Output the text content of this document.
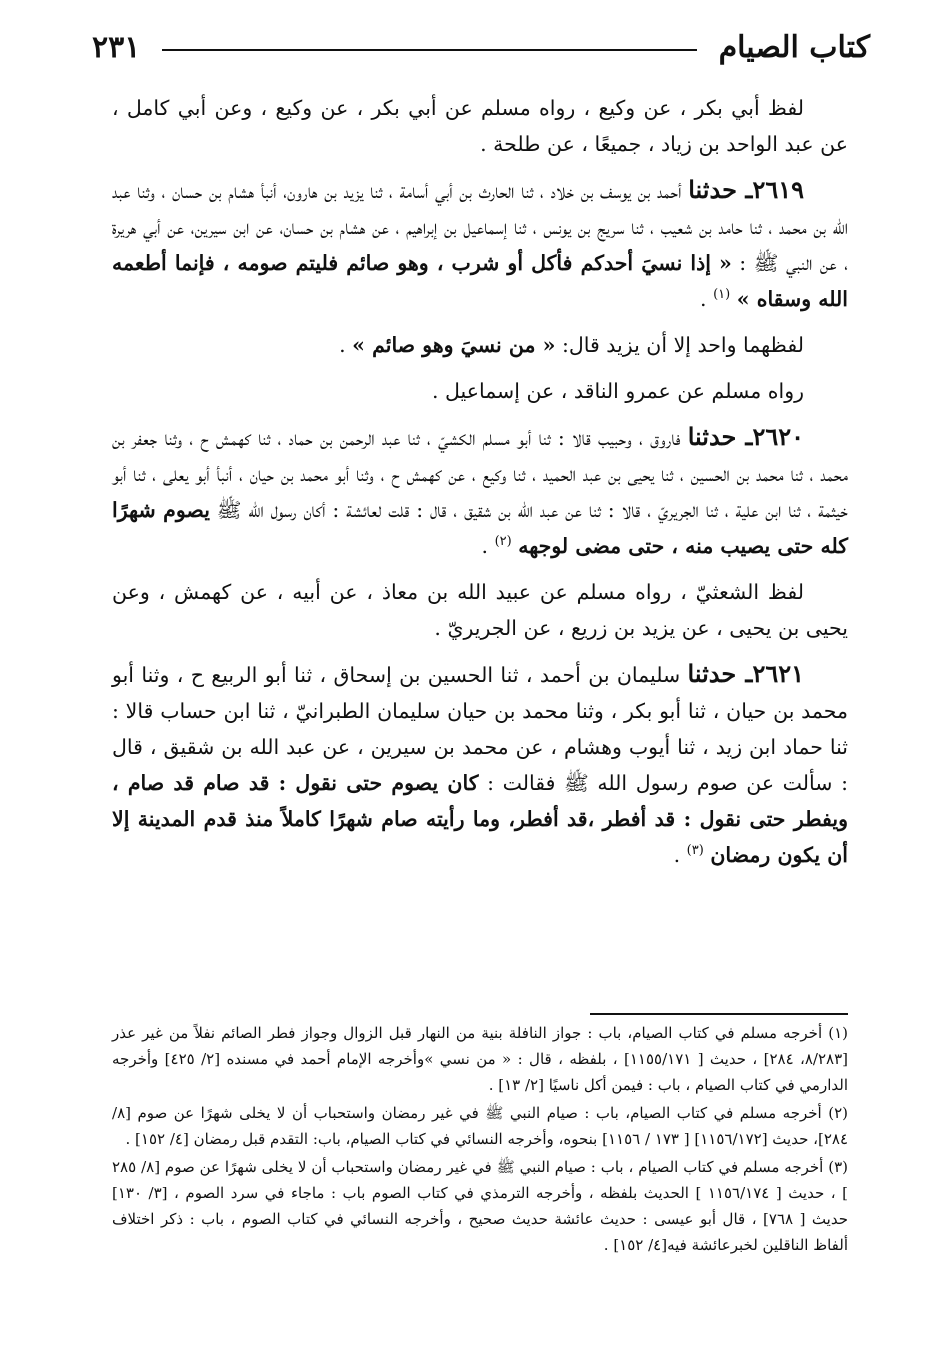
كتاب الصيام
٢٣١

لفظ أبي بكر ، عن وكيع ، رواه مسلم عن أبي بكر ، عن وكيع ، وعن أبي كامل ، عن عبد الواحد بن زياد ، جميعًا ، عن طلحة .

٢٦١٩ـ حدثنا أحمد بن يوسف بن خلاد ، ثنا الحارث بن أبي أسامة ، ثنا يزيد بن هارون، أنبأ هشام بن حسان ، وثنا عبد الله بن محمد ، ثنا حامد بن شعيب ، ثنا سريج بن يونس ، ثنا إسماعيل بن إبراهيم ، عن هشام بن حسان، عن ابن سيرين، عن أبي هريرة ، عن النبي ﷺ : « إذا نسيَ أحدكم فأكل أو شرب ، وهو صائم فليتم صومه ، فإنما أطعمه الله وسقاه » $^{(١)}$ .

لفظهما واحد إلا أن يزيد قال: « من نسيَ وهو صائم » .

رواه مسلم عن عمرو الناقد ، عن إسماعيل .

٢٦٢٠ـ حدثنا فاروق ، وحبيب قالا : ثنا أبو مسلم الكشيّ ، ثنا عبد الرحمن بن حماد ، ثنا كهمش ح ، وثنا جعفر بن محمد ، ثنا محمد بن الحسين ، ثنا يحيى بن عبد الحميد ، ثنا وكيع ، عن كهمش ح ، وثنا أبو محمد بن حيان ، أنبأ أبو يعلى ، ثنا أبو خيثمة ، ثنا ابن علية ، ثنا الجريريّ ، قالا : ثنا عن عبد الله بن شقيق ، قال : قلت لعائشة : أكان رسول الله ﷺ يصوم شهرًا كله حتى يصيب منه ، حتى مضى لوجهه $^{(٢)}$ .

لفظ الشعثيّ ، رواه مسلم عن عبيد الله بن معاذ ، عن أبيه ، عن كهمش ، وعن يحيى بن يحيى ، عن يزيد بن زريع ، عن الجريريّ .

٢٦٢١ـ حدثنا سليمان بن أحمد ، ثنا الحسين بن إسحاق ، ثنا أبو الربيع ح ، وثنا أبو محمد بن حيان ، ثنا أبو بكر ، وثنا محمد بن حيان سليمان الطبرانيّ ، ثنا ابن حساب قالا : ثنا حماد ابن زيد ، ثنا أيوب وهشام ، عن محمد بن سيرين ، عن عبد الله بن شقيق ، قال : سألت عن صوم رسول الله ﷺ فقالت : كان يصوم حتى نقول : قد صام قد صام ، ويفطر حتى نقول : قد أفطر ،قد أفطر، وما رأيته صام شهرًا كاملاً منذ قدم المدينة إلا أن يكون رمضان $^{(٣)}$ .

(١) أخرجه مسلم في كتاب الصيام، باب : جواز النافلة بنية من النهار قبل الزوال وجواز فطر الصائم نفلاً من غير عذر [٨/٢٨٣، ٢٨٤] ، حديث [ ١١٥٥/١٧١] ، بلفظه ، قال : « من نسي »وأخرجه الإمام أحمد في مسنده [٢/ ٤٢٥] وأخرجه الدارمي في كتاب الصيام ، باب : فيمن أكل ناسيًا [٢/ ١٣] .

(٢) أخرجه مسلم في كتاب الصيام، باب : صيام النبي ﷺ في غير رمضان واستحباب أن لا يخلى شهرًا عن صوم [٨/ ٢٨٤]، حديث [١١٥٦/١٧٢] [ ١٧٣ / ١١٥٦] بنحوه، وأخرجه النسائي في كتاب الصيام، باب: التقدم قبل رمضان [٤/ ١٥٢] .

(٣) أخرجه مسلم في كتاب الصيام ، باب : صيام النبي ﷺ في غير رمضان واستحباب أن لا يخلى شهرًا عن صوم [٨/ ٢٨٥ ] ، حديث [ ١١٥٦/١٧٤ ] الحديث بلفظه ، وأخرجه الترمذي في كتاب الصوم باب : ماجاء في سرد الصوم ، [٣/ ١٣٠] حديث [ ٧٦٨] ، قال أبو عيسى : حديث عائشة حديث صحيح ، وأخرجه النسائي في كتاب الصوم ، باب : ذكر اختلاف ألفاظ الناقلين لخبرعائشة فيه[٤/ ١٥٢] .
